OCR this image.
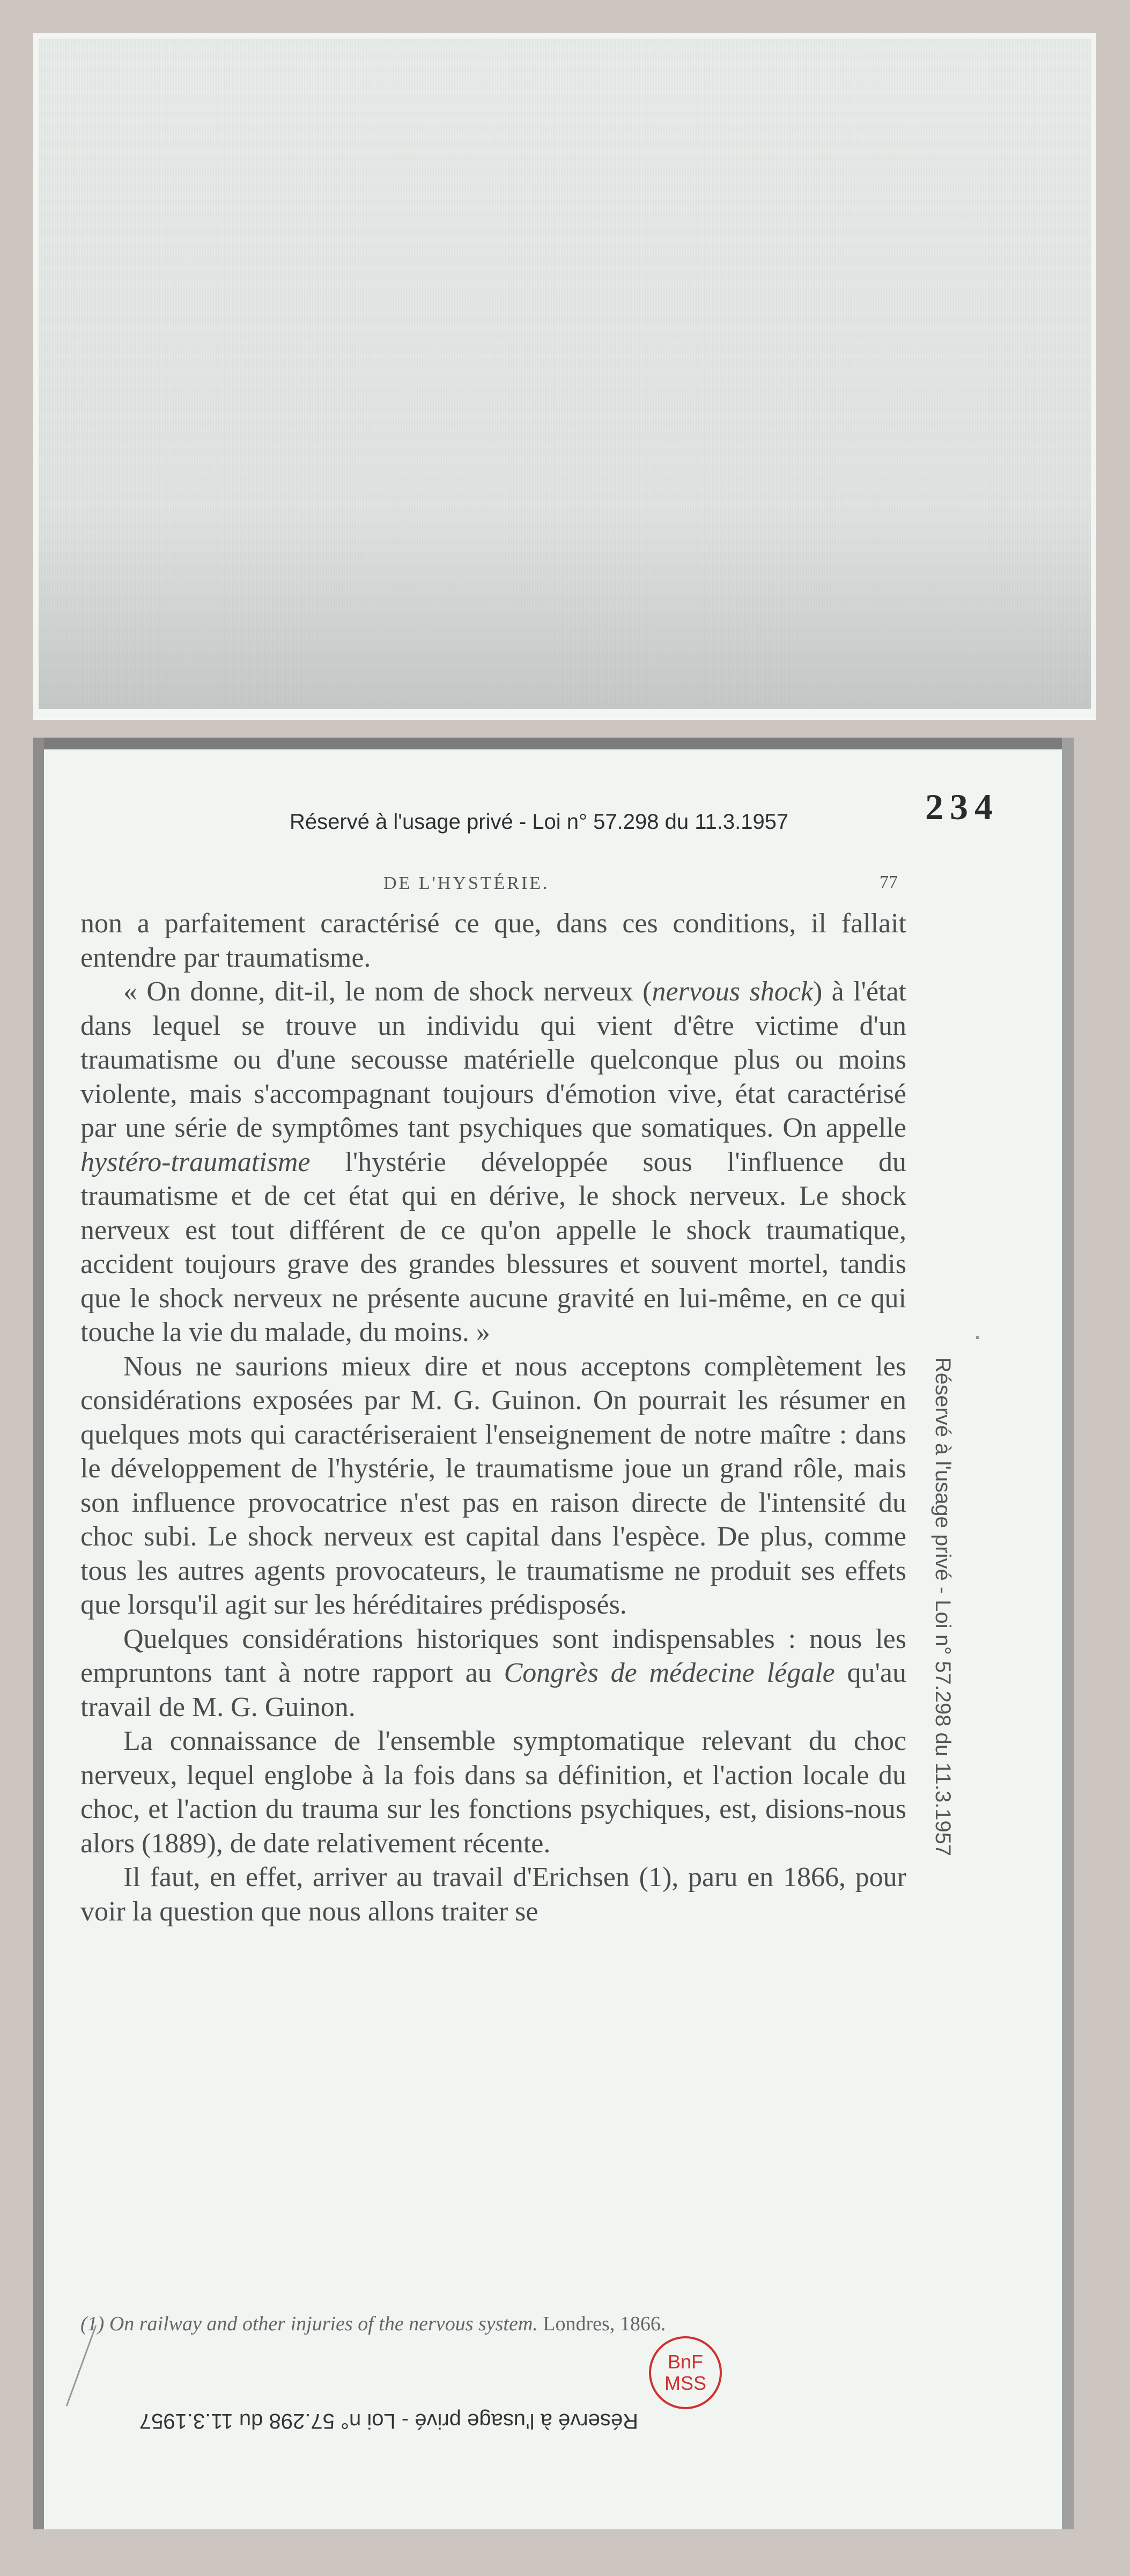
Réservé à l'usage privé - Loi n° 57.298 du 11.3.1957	234
DE L'HYSTÉRIE.	77

non a parfaitement caractérisé ce que, dans ces conditions, il fallait entendre par traumatisme.

« On donne, dit-il, le nom de shock nerveux (nervous shock) à l'état dans lequel se trouve un individu qui vient d'être victime d'un traumatisme ou d'une secousse matérielle quelconque plus ou moins violente, mais s'accompagnant toujours d'émotion vive, état caractérisé par une série de symptômes tant psychiques que somatiques. On appelle hystéro-traumatisme l'hystérie développée sous l'influence du traumatisme et de cet état qui en dérive, le shock nerveux. Le shock nerveux est tout différent de ce qu'on appelle le shock traumatique, accident toujours grave des grandes blessures et souvent mortel, tandis que le shock nerveux ne présente aucune gravité en lui-même, en ce qui touche la vie du malade, du moins. »

Nous ne saurions mieux dire et nous acceptons complètement les considérations exposées par M. G. Guinon. On pourrait les résumer en quelques mots qui caractériseraient l'enseignement de notre maître : dans le développement de l'hystérie, le traumatisme joue un grand rôle, mais son influence provocatrice n'est pas en raison directe de l'intensité du choc subi. Le shock nerveux est capital dans l'espèce. De plus, comme tous les autres agents provocateurs, le traumatisme ne produit ses effets que lorsqu'il agit sur les héréditaires prédisposés.

Quelques considérations historiques sont indispensables : nous les empruntons tant à notre rapport au Congrès de médecine légale qu'au travail de M. G. Guinon.

La connaissance de l'ensemble symptomatique relevant du choc nerveux, lequel englobe à la fois dans sa définition, et l'action locale du choc, et l'action du trauma sur les fonctions psychiques, est, disions-nous alors (1889), de date relativement récente.

Il faut, en effet, arriver au travail d'Erichsen (1), paru en 1866, pour voir la question que nous allons traiter se

(1) On railway and other injuries of the nervous system. Londres, 1866.
Réservé à l'usage privé - Loi n° 57.298 du 11.3.1957
Réservé à l'usage privé - Loi n° 57.298 du 11.3.1957
BnF
MSS
